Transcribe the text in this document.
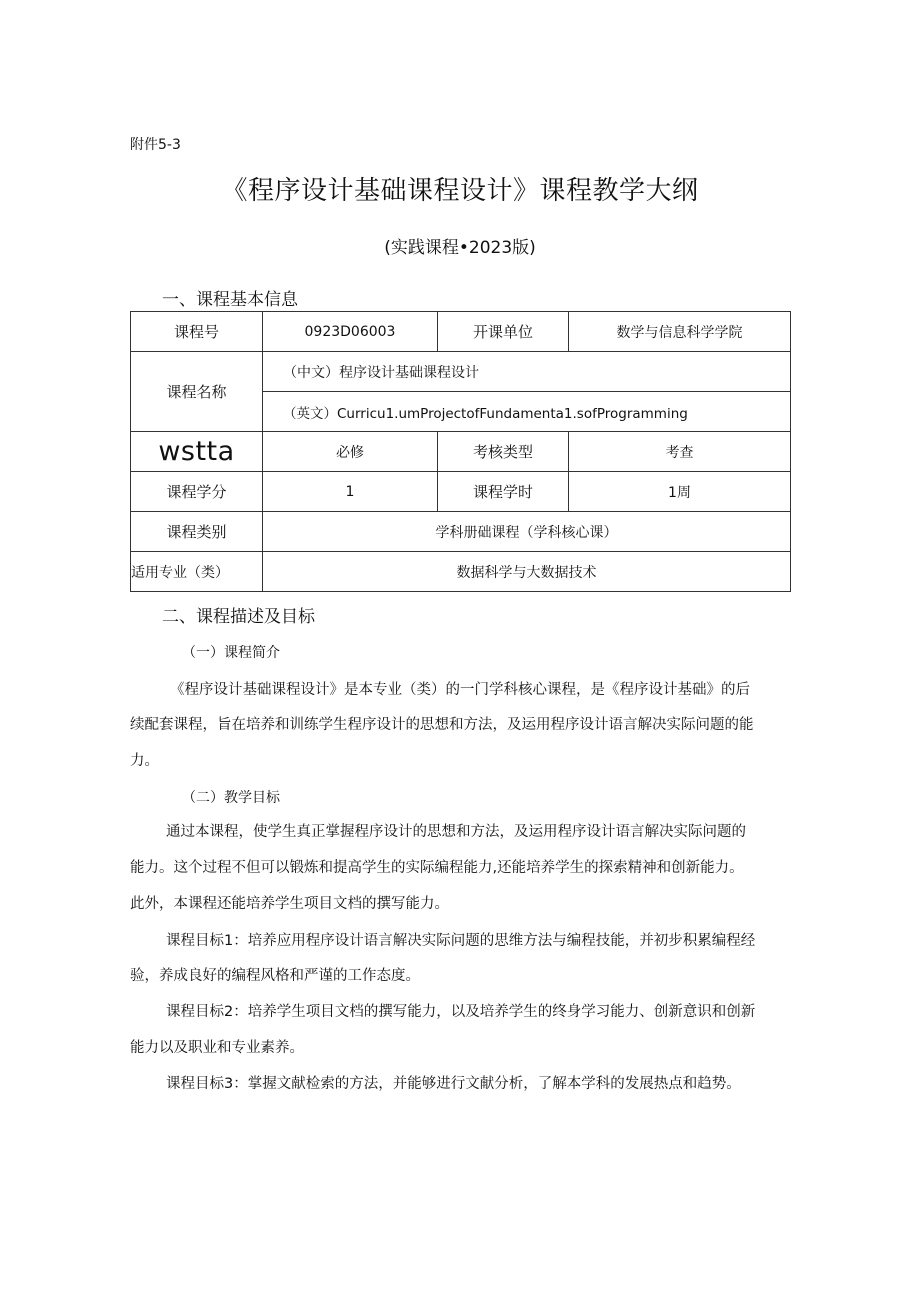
附件5-3
《程序设计基础课程设计》课程教学大纲
(实践课程•2023版)
一、课程基本信息
课程号	0923D06003	开课单位	数学与信息科学学院
课程名称	（中文）程序设计基础课程设计		
	（英文）Curricu1.umProjectofFundamenta1.sofProgramming		
wstta	必修	考核类型	考查
课程学分	1	课程学时	1周
课程类别	学科册础课程（学科核心课）		
适用专业（类）	数据科学与大数据技术		
二、课程描述及目标
（一）课程简介
《程序设计基础课程设计》是本专业（类）的一门学科核心课程，是《程序设计基础》的后
续配套课程，旨在培养和训练学生程序设计的思想和方法，及运用程序设计语言解决实际问题的能
力。
（二）教学目标
通过本课程，使学生真正掌握程序设计的思想和方法，及运用程序设计语言解决实际问题的
能力。这个过程不但可以锻炼和提高学生的实际编程能力,还能培养学生的探索精神和创新能力。
此外，本课程还能培养学生项目文档的撰写能力。
课程目标1：培养应用程序设计语言解决实际问题的思维方法与编程技能，并初步积累编程经
验，养成良好的编程风格和严谨的工作态度。
课程目标2：培养学生项目文档的撰写能力，以及培养学生的终身学习能力、创新意识和创新
能力以及职业和专业素养。
课程目标3：掌握文献检索的方法，并能够进行文献分析，了解本学科的发展热点和趋势。
